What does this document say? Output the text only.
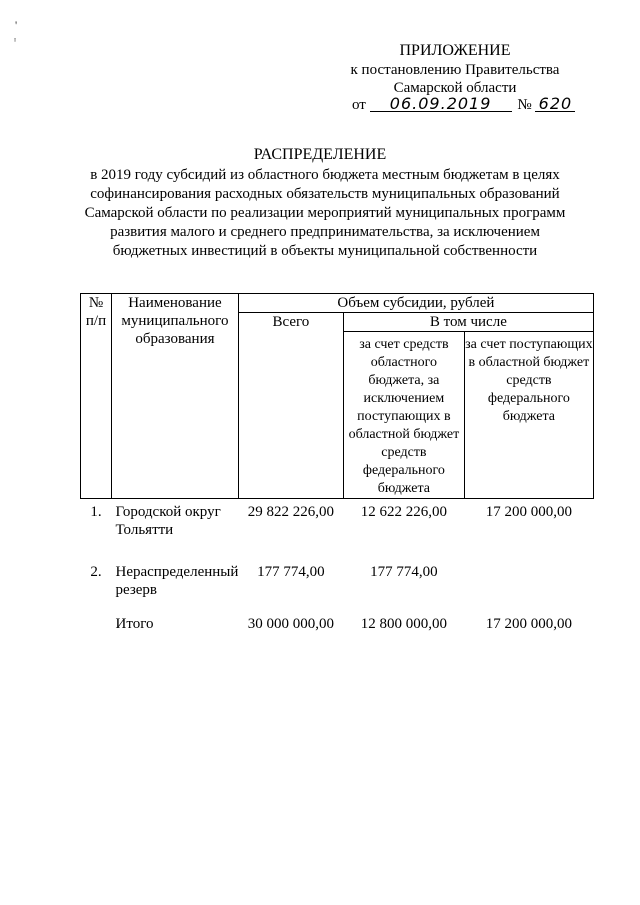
'
ᶦ
ПРИЛОЖЕНИЕ
к постановлению Правительства
Самарской области
от 06.09.2019 № 620
РАСПРЕДЕЛЕНИЕ
в 2019 году субсидий из областного бюджета местным бюджетам в целях софинансирования расходных обязательств муниципальных образований Самарской области по реализации мероприятий муниципальных программ развития малого и среднего предпринимательства, за исключением бюджетных инвестиций в объекты муниципальной собственности
№ п/п	Наименование муниципального образования	Объем субсидии, рублей		
		Всего	В том числе	
			за счет средств областного бюджета, за исключением поступающих в областной бюджет средств федерального бюджета	за счет поступающих в областной бюджет средств федерального бюджета
1.	Городской округ Тольятти	29 822 226,00	12 622 226,00	17 200 000,00
2.	Нераспределенный резерв	177 774,00	177 774,00	
	Итого	30 000 000,00	12 800 000,00	17 200 000,00
